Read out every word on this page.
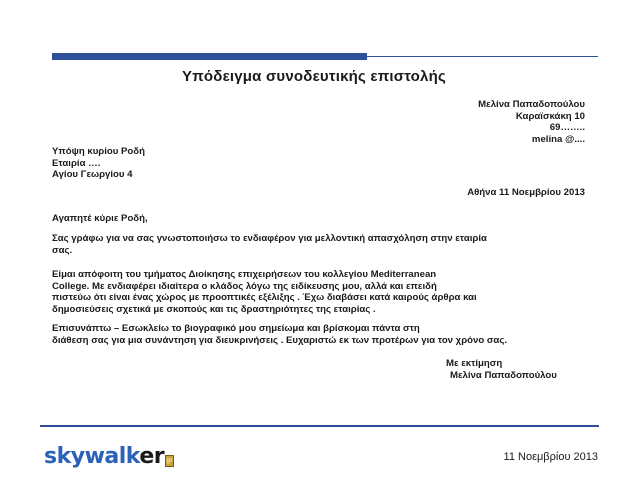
Υπόδειγμα συνοδευτικής επιστολής
Μελίνα Παπαδοπούλου
Καραϊσκάκη 10
69……..
melina @....
Υπόψη κυρίου Ροδή
Εταιρία ….
Αγίου Γεωργίου 4
Αθήνα 11 Νοεμβρίου 2013
Αγαπητέ κύριε Ροδή,
Σας γράφω για να σας γνωστοποιήσω το ενδιαφέρον για μελλοντική απασχόληση στην εταιρία
σας.
Είμαι απόφοιτη του τμήματος Διοίκησης επιχειρήσεων του κολλεγίου Mediterranean
College. Με ενδιαφέρει ιδιαίτερα ο κλάδος λόγω της ειδίκευσης μου, αλλά και επειδή
πιστεύω ότι είναι ένας χώρος με προοπτικές εξέλιξης . Έχω διαβάσει κατά καιρούς άρθρα και
δημοσιεύσεις σχετικά με σκοπούς και τις δραστηριότητες της εταιρίας .
Επισυνάπτω – Εσωκλείω το βιογραφικό μου σημείωμα και βρίσκομαι πάντα στη
διάθεση σας για μια συνάντηση για διευκρινήσεις . Ευχαριστώ εκ των προτέρων για τον χρόνο σας.
Με εκτίμηση
Μελίνα Παπαδοπούλου
skywalker gr	11 Νοεμβρίου 2013
